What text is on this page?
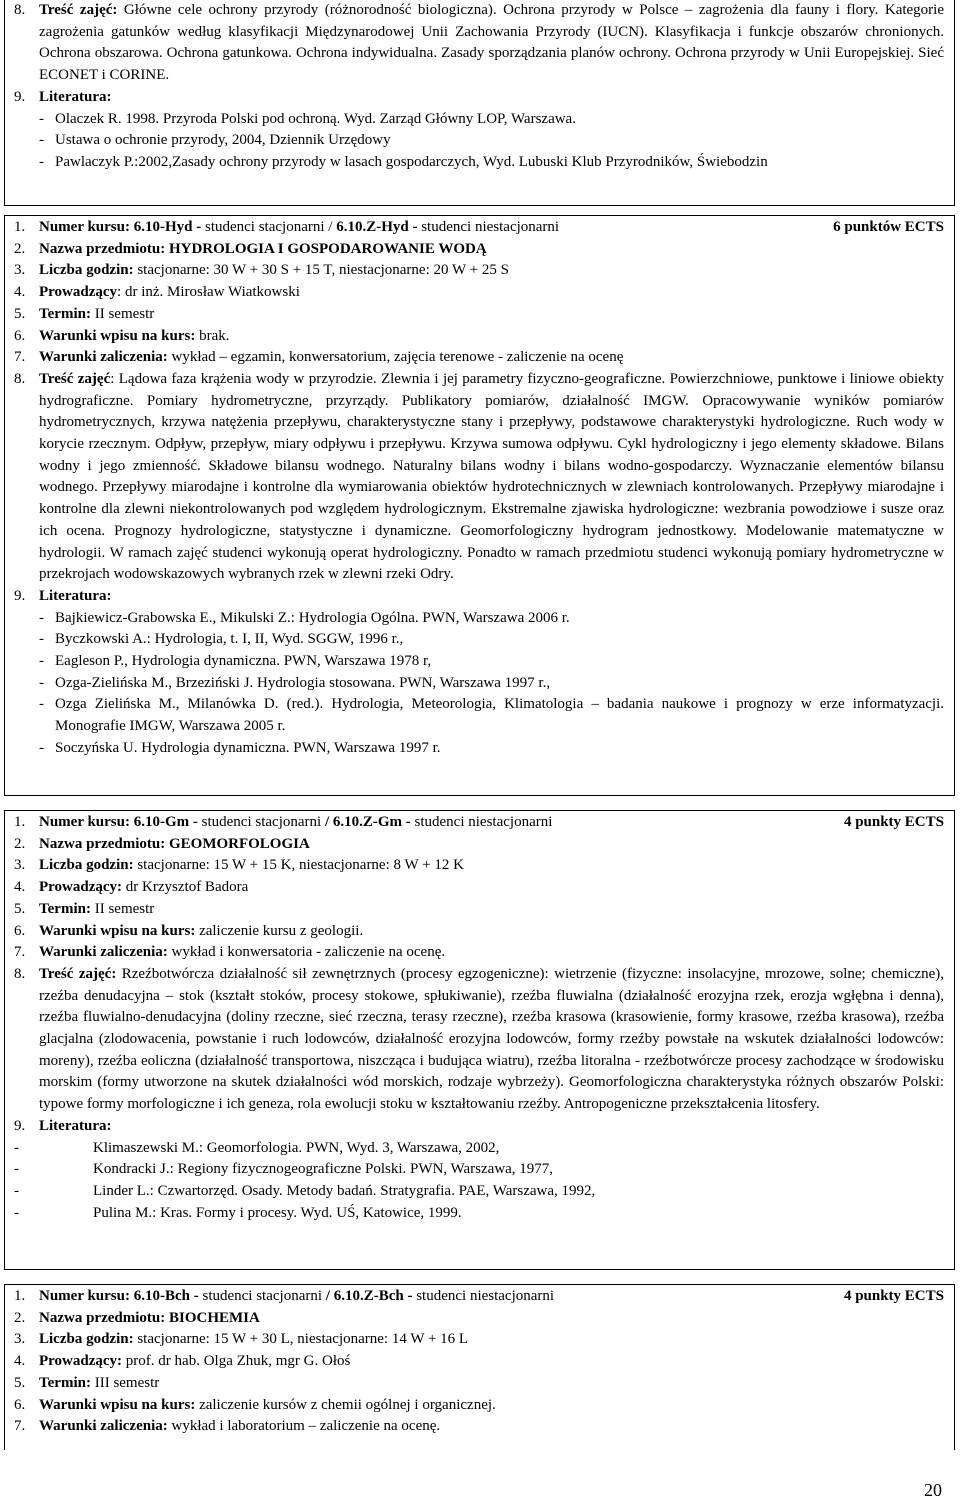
8. Treść zajęć: Główne cele ochrony przyrody (różnorodność biologiczna). Ochrona przyrody w Polsce – zagrożenia dla fauny i flory. Kategorie zagrożenia gatunków według klasyfikacji Międzynarodowej Unii Zachowania Przyrody (IUCN). Klasyfikacja i funkcje obszarów chronionych. Ochrona obszarowa. Ochrona gatunkowa. Ochrona indywidualna. Zasady sporządzania planów ochrony. Ochrona przyrody w Unii Europejskiej. Sieć ECONET i CORINE.
9. Literatura:
- Olaczek R. 1998. Przyroda Polski pod ochroną. Wyd. Zarząd Główny LOP, Warszawa.
- Ustawa o ochronie przyrody, 2004, Dziennik Urzędowy
- Pawlaczyk P.:2002,Zasady ochrony przyrody w lasach gospodarczych, Wyd. Lubuski Klub Przyrodników, Świebodzin
1.	6 punktów ECTS
Numer kursu: 6.10-Hyd - studenci stacjonarni / 6.10.Z-Hyd - studenci niestacjonarni
2. Nazwa przedmiotu: HYDROLOGIA I GOSPODAROWANIE WODĄ
3. Liczba godzin: stacjonarne: 30 W + 30 S + 15 T, niestacjonarne: 20 W + 25 S
4. Prowadzący: dr inż. Mirosław Wiatkowski
5. Termin: II semestr
6. Warunki wpisu na kurs: brak.
7. Warunki zaliczenia: wykład – egzamin, konwersatorium, zajęcia terenowe - zaliczenie na ocenę
8. Treść zajęć: Lądowa faza krążenia wody w przyrodzie. Zlewnia i jej parametry fizyczno-geograficzne. Powierzchniowe, punktowe i liniowe obiekty hydrograficzne. Pomiary hydrometryczne, przyrządy. Publikatory pomiarów, działalność IMGW. Opracowywanie wyników pomiarów hydrometrycznych, krzywa natężenia przepływu, charakterystyczne stany i przepływy, podstawowe charakterystyki hydrologiczne. Ruch wody w korycie rzecznym. Odpływ, przepływ, miary odpływu i przepływu. Krzywa sumowa odpływu. Cykl hydrologiczny i jego elementy składowe. Bilans wodny i jego zmienność. Składowe bilansu wodnego. Naturalny bilans wodny i bilans wodno-gospodarczy. Wyznaczanie elementów bilansu wodnego. Przepływy miarodajne i kontrolne dla wymiarowania obiektów hydrotechnicznych w zlewniach kontrolowanych. Przepływy miarodajne i kontrolne dla zlewni niekontrolowanych pod względem hydrologicznym. Ekstremalne zjawiska hydrologiczne: wezbrania powodziowe i susze oraz ich ocena. Prognozy hydrologiczne, statystyczne i dynamiczne. Geomorfologiczny hydrogram jednostkowy. Modelowanie matematyczne w hydrologii. W ramach zajęć studenci wykonują operat hydrologiczny. Ponadto w ramach przedmiotu studenci wykonują pomiary hydrometryczne w przekrojach wodowskazowych wybranych rzek w zlewni rzeki Odry.
9. Literatura:
- Bajkiewicz-Grabowska E., Mikulski Z.: Hydrologia Ogólna. PWN, Warszawa 2006 r.
- Byczkowski A.: Hydrologia, t. I, II, Wyd. SGGW, 1996 r.,
- Eagleson P., Hydrologia dynamiczna. PWN, Warszawa 1978 r,
- Ozga-Zielińska M., Brzeziński J. Hydrologia stosowana. PWN, Warszawa 1997 r.,
- Ozga Zielińska M., Milanówka D. (red.). Hydrologia, Meteorologia, Klimatologia – badania naukowe i prognozy w erze informatyzacji. Monografie IMGW, Warszawa 2005 r.
- Soczyńska U. Hydrologia dynamiczna. PWN, Warszawa 1997 r.
1.	4 punkty ECTS
Numer kursu: 6.10-Gm - studenci stacjonarni / 6.10.Z-Gm - studenci niestacjonarni
2. Nazwa przedmiotu: GEOMORFOLOGIA
3. Liczba godzin: stacjonarne: 15 W + 15 K, niestacjonarne: 8 W + 12 K
4. Prowadzący: dr Krzysztof Badora
5. Termin: II semestr
6. Warunki wpisu na kurs: zaliczenie kursu z geologii.
7. Warunki zaliczenia: wykład i konwersatoria - zaliczenie na ocenę.
8. Treść zajęć: Rzeźbotwórcza działalność sił zewnętrznych (procesy egzogeniczne): wietrzenie (fizyczne: insolacyjne, mrozowe, solne; chemiczne), rzeźba denudacyjna – stok (kształt stoków, procesy stokowe, spłukiwanie), rzeźba fluwialna (działalność erozyjna rzek, erozja wgłębna i denna), rzeźba fluwialno-denudacyjna (doliny rzeczne, sieć rzeczna, terasy rzeczne), rzeźba krasowa (krasowienie, formy krasowe, rzeźba krasowa), rzeźba glacjalna (zlodowacenia, powstanie i ruch lodowców, działalność erozyjna lodowców, formy rzeźby powstałe na wskutek działalności lodowców: moreny), rzeźba eoliczna (działalność transportowa, niszcząca i budująca wiatru), rzeźba litoralna - rzeźbotwórcze procesy zachodzące w środowisku morskim (formy utworzone na skutek działalności wód morskich, rodzaje wybrzeży). Geomorfologiczna charakterystyka różnych obszarów Polski: typowe formy morfologiczne i ich geneza, rola ewolucji stoku w kształtowaniu rzeźby. Antropogeniczne przekształcenia litosfery.
9. Literatura:
-	Klimaszewski M.: Geomorfologia. PWN, Wyd. 3, Warszawa, 2002,
-	Kondracki J.: Regiony fizycznogeograficzne Polski. PWN, Warszawa, 1977,
-	Linder L.: Czwartorzęd. Osady. Metody badań. Stratygrafia. PAE, Warszawa, 1992,
-	Pulina M.: Kras. Formy i procesy. Wyd. UŚ, Katowice, 1999.
1.	4 punkty ECTS
Numer kursu: 6.10-Bch - studenci stacjonarni / 6.10.Z-Bch - studenci niestacjonarni
2. Nazwa przedmiotu: BIOCHEMIA
3. Liczba godzin: stacjonarne: 15 W + 30 L, niestacjonarne: 14 W + 16 L
4. Prowadzący: prof. dr hab. Olga Zhuk, mgr G. Ołoś
5. Termin: III semestr
6. Warunki wpisu na kurs: zaliczenie kursów z chemii ogólnej i organicznej.
7. Warunki zaliczenia: wykład i laboratorium – zaliczenie na ocenę.
20
